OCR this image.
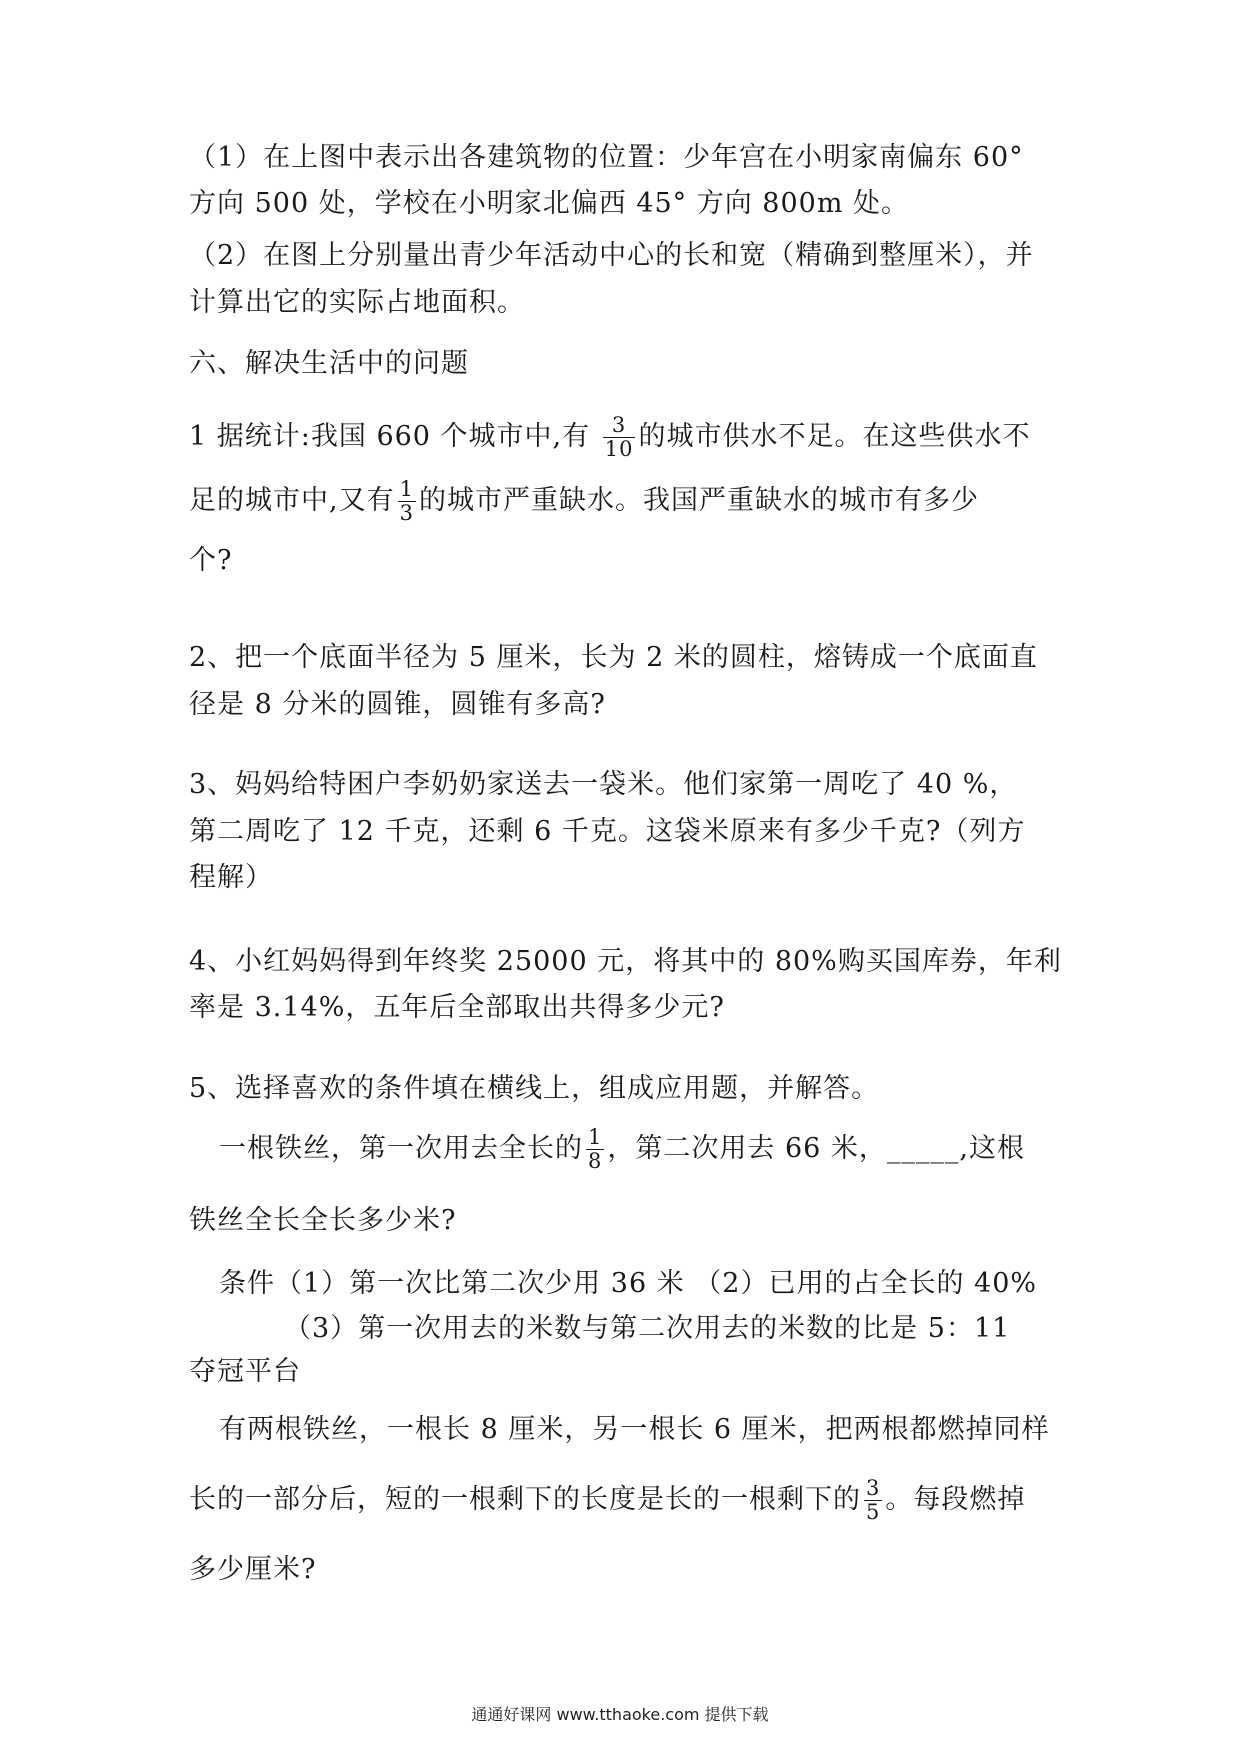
（1）在上图中表示出各建筑物的位置：少年宫在小明家南偏东 60°
方向 500 处，学校在小明家北偏西 45° 方向 800m 处。
（2）在图上分别量出青少年活动中心的长和宽（精确到整厘米），并
计算出它的实际占地面积。
六、解决生活中的问题
1 据统计:我国 660 个城市中,有 $\frac{3}{10}$ 的城市供水不足。在这些供水不
足的城市中,又有 $\frac{1}{3}$ 的城市严重缺水。我国严重缺水的城市有多少
个?
2、把一个底面半径为 5 厘米，长为 2 米的圆柱，熔铸成一个底面直
径是 8 分米的圆锥，圆锥有多高?
3、妈妈给特困户李奶奶家送去一袋米。他们家第一周吃了 40 %，
第二周吃了 12 千克，还剩 6 千克。这袋米原来有多少千克?（列方
程解）
4、小红妈妈得到年终奖 25000 元，将其中的 80%购买国库券，年利
率是 3.14%，五年后全部取出共得多少元?
5、选择喜欢的条件填在横线上，组成应用题，并解答。
一根铁丝，第一次用去全长的 $\frac{1}{8}$ ，第二次用去 66 米，_____,这根
铁丝全长全长多少米?
条件（1）第一次比第二次少用 36 米 （2）已用的占全长的 40%
（3）第一次用去的米数与第二次用去的米数的比是 5：11
夺冠平台
有两根铁丝，一根长 8 厘米，另一根长 6 厘米，把两根都燃掉同样
长的一部分后，短的一根剩下的长度是长的一根剩下的 $\frac{3}{5}$ 。每段燃掉
多少厘米?
通通好课网 www.tthaoke.com 提供下载
